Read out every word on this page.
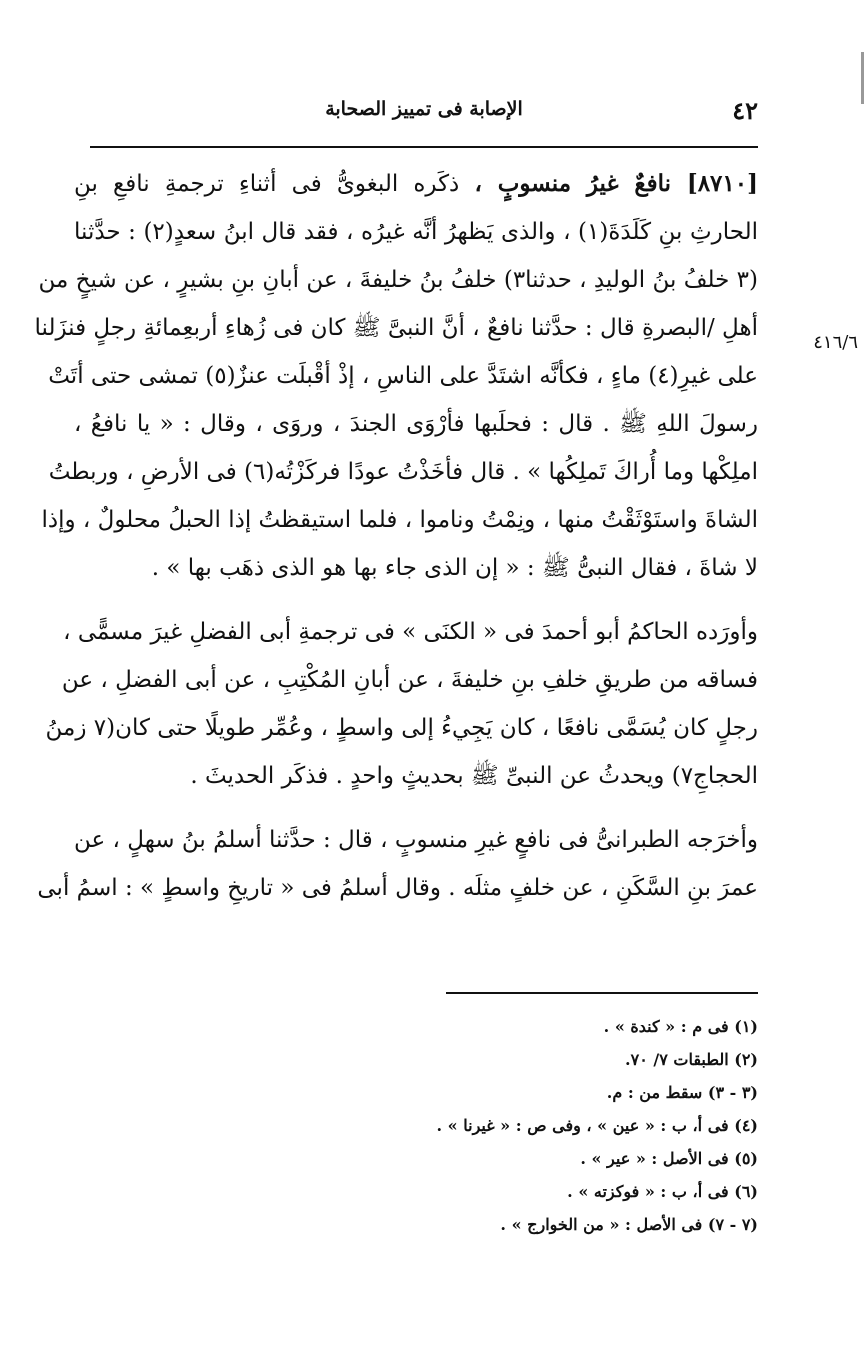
٤٢
الإصابة فى تمييز الصحابة
٤١٦/٦
[٨٧١٠] نافعٌ غيرُ منسوبٍ ، ذكَره البغوىُّ فى أثناءِ ترجمةِ نافعِ بنِ
الحارثِ بنِ كَلَدَةَ(١) ، والذى يَظهرُ أنَّه غيرُه ، فقد قال ابنُ سعدٍ(٢) : حدَّثنا
(٣ خلفُ بنُ الوليدِ ، حدثنا٣) خلفُ بنُ خليفةَ ، عن أبانِ بنِ بشيرٍ ، عن شيخٍ من
أهلِ /البصرةِ قال : حدَّثنا نافعٌ ، أنَّ النبىَّ ﷺ كان فى زُهاءِ أربعِمائةِ رجلٍ فنزَلنا
على غيرِ(٤) ماءٍ ، فكأنَّه اشتَدَّ على الناسِ ، إذْ أقْبلَت عنزٌ(٥) تمشى حتى أتَتْ
رسولَ اللهِ ﷺ . قال : فحلَبها فأرْوَى الجندَ ، وروَى ، وقال : « يا نافعُ ،
املِكْها وما أُراكَ تَملِكُها » . قال فأخَذْتُ عودًا فركَزْتُه(٦) فى الأرضِ ، وربطتُ
الشاةَ واستَوْثَقْتُ منها ، ونِمْتُ وناموا ، فلما استيقظتُ إذا الحبلُ محلولٌ ، وإذا
لا شاةَ ، فقال النبىُّ ﷺ : « إن الذى جاء بها هو الذى ذهَب بها » .
وأورَده الحاكمُ أبو أحمدَ فى « الكنَى » فى ترجمةِ أبى الفضلِ غيرَ مسمًّى ،
فساقه من طريقِ خلفِ بنِ خليفةَ ، عن أبانِ المُكْتِبِ ، عن أبى الفضلِ ، عن
رجلٍ كان يُسَمَّى نافعًا ، كان يَجِيءُ إلى واسطٍ ، وعُمِّر طويلًا حتى كان(٧ زمنُ
الحجاجِ٧) ويحدثُ عن النبىِّ ﷺ بحديثٍ واحدٍ . فذكَر الحديثَ .
وأخرَجه الطبرانىُّ فى نافعٍ غيرِ منسوبٍ ، قال : حدَّثنا أسلمُ بنُ سهلٍ ، عن
عمرَ بنِ السَّكَنِ ، عن خلفٍ مثلَه . وقال أسلمُ فى « تاريخِ واسطٍ » : اسمُ أبى
(١) فى م : « كندة » .
(٢) الطبقات ٧/ ٧٠.
(٣ - ٣) سقط من : م.
(٤) فى أ، ب : « عين » ، وفى ص : « غيرنا » .
(٥) فى الأصل : « عير » .
(٦) فى أ، ب : « فوكزته » .
(٧ - ٧) فى الأصل : « من الخوارج » .
